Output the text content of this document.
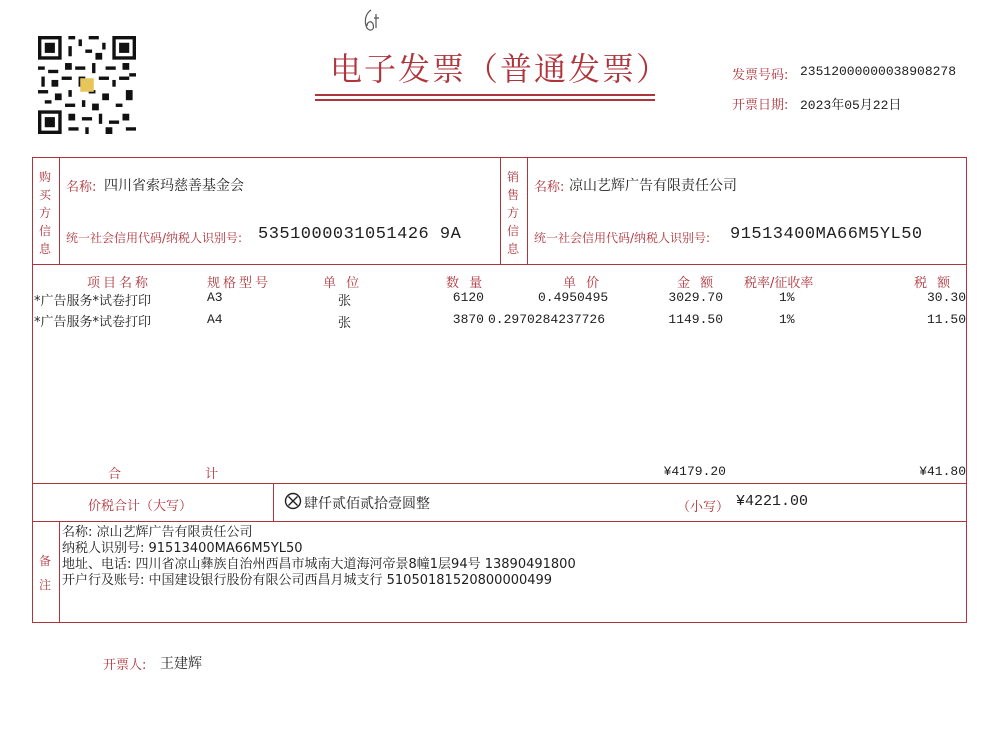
电子发票（普通发票）	发票号码: 23512000000038908278
开票日期: 2023年05月22日
购买方信息
名称: 四川省索玛慈善基金会
统一社会信用代码/纳税人识别号: 5351000031051426 9A
销售方信息
名称: 凉山艺辉广告有限责任公司
统一社会信用代码/纳税人识别号: 91513400MA66M5YL50
项目名称	规格型号	单 位	数 量	单 价	金 额 税率/征收率	税 额
*广告服务*试卷打印	A3	张	6120	0.4950495	3029.70	1%	30.30
*广告服务*试卷打印	A4	张	3870 0.2970284237726	1149.50	1%	11.50
合 计	¥4179.20	¥41.80
价税合计（大写）	肆仟贰佰贰拾壹圆整	（小写） ¥4221.00
备注
名称: 凉山艺辉广告有限责任公司
纳税人识别号: 91513400MA66M5YL50
地址、电话: 四川省凉山彝族自治州西昌市城南大道海河帝景8幢1层94号 13890491800
开户行及账号: 中国建设银行股份有限公司西昌月城支行 51050181520800000499
开票人: 王建辉
